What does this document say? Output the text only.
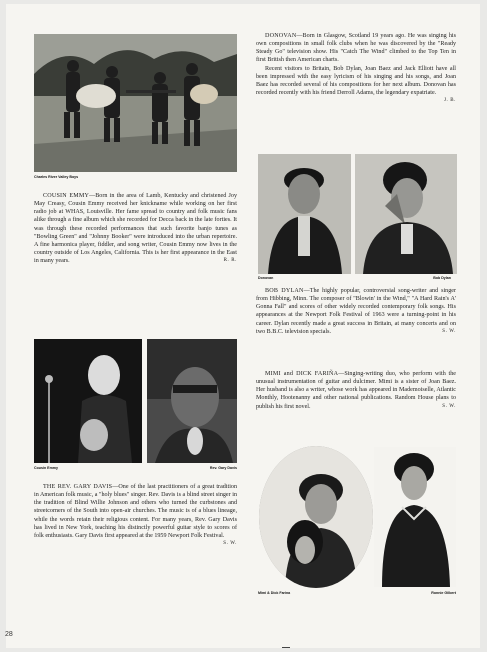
Charles River Valley Boys
COUSIN EMMY—Born in the area of Lamb, Kentucky and christened Joy May Creasy, Cousin Emmy received her knickname while working on her first radio job at WHAS, Louisville. Her fame spread to country and folk music fans alike through a fine album which she recorded for Decca back in the late forties. It was through these recorded performances that such favorite banjo tunes as "Bowling Green" and "Johnny Booker" were introduced into the urban repertoire. A fine harmonica player, fiddler, and song writer, Cousin Emmy now lives in the country outside of Los Angeles, California. This is her first appearance in the East in many years.	R. R.
Cousin Emmy	Rev. Gary Davis
THE REV. GARY DAVIS—One of the last practitioners of a great tradition in American folk music, a "holy blues" singer. Rev. Davis is a blind street singer in the tradition of Blind Willie Johnson and others who turned the curbstones and streetcorners of the South into open-air churches. The music is of a blues lineage, while the words retain their religious content. For many years, Rev. Gary Davis has lived in New York, teaching his distinctly powerful guitar style to scores of folk enthusiasts. Gary Davis first appeared at the 1959 Newport Folk Festival.
S. W.
DONOVAN—Born in Glasgow, Scotland 19 years ago. He was singing his own compositions in small folk clubs when he was discovered by the "Ready Steady Go" television show. His "Catch The Wind" climbed to the Top Ten in first British then American charts.
Recent visitors to Britain, Bob Dylan, Joan Baez and Jack Elliott have all been impressed with the easy lyricism of his singing and his songs, and Joan Baez has recorded several of his compositions for her next album. Donovan has recorded recently with his friend Derroll Adams, the legendary expatriate.
J. B.
Donovan	Bob Dylan
BOB DYLAN—The highly popular, controversial song-writer and singer from Hibbing, Minn. The composer of "Blowin' in the Wind," "A Hard Rain's A' Gonna Fall" and scores of other widely recorded contemporary folk songs. His appearances at the Newport Folk Festival of 1963 were a turning-point in his career. Dylan recently made a great success in Britain, at many concerts and on two B.B.C. television specials.	S. W.
MIMI and DICK FARIÑA—Singing-writing duo, who perform with the unusual instrumentation of guitar and dulcimer. Mimi is a sister of Joan Baez. Her husband is also a writer, whose work has appeared in Mademoiselle, Atlantic Monthly, Hootenanny and other national publications. Random House plans to publish his first novel.	S. W.
Mimi & Dick Farina	Ronnie Gilbert
28
